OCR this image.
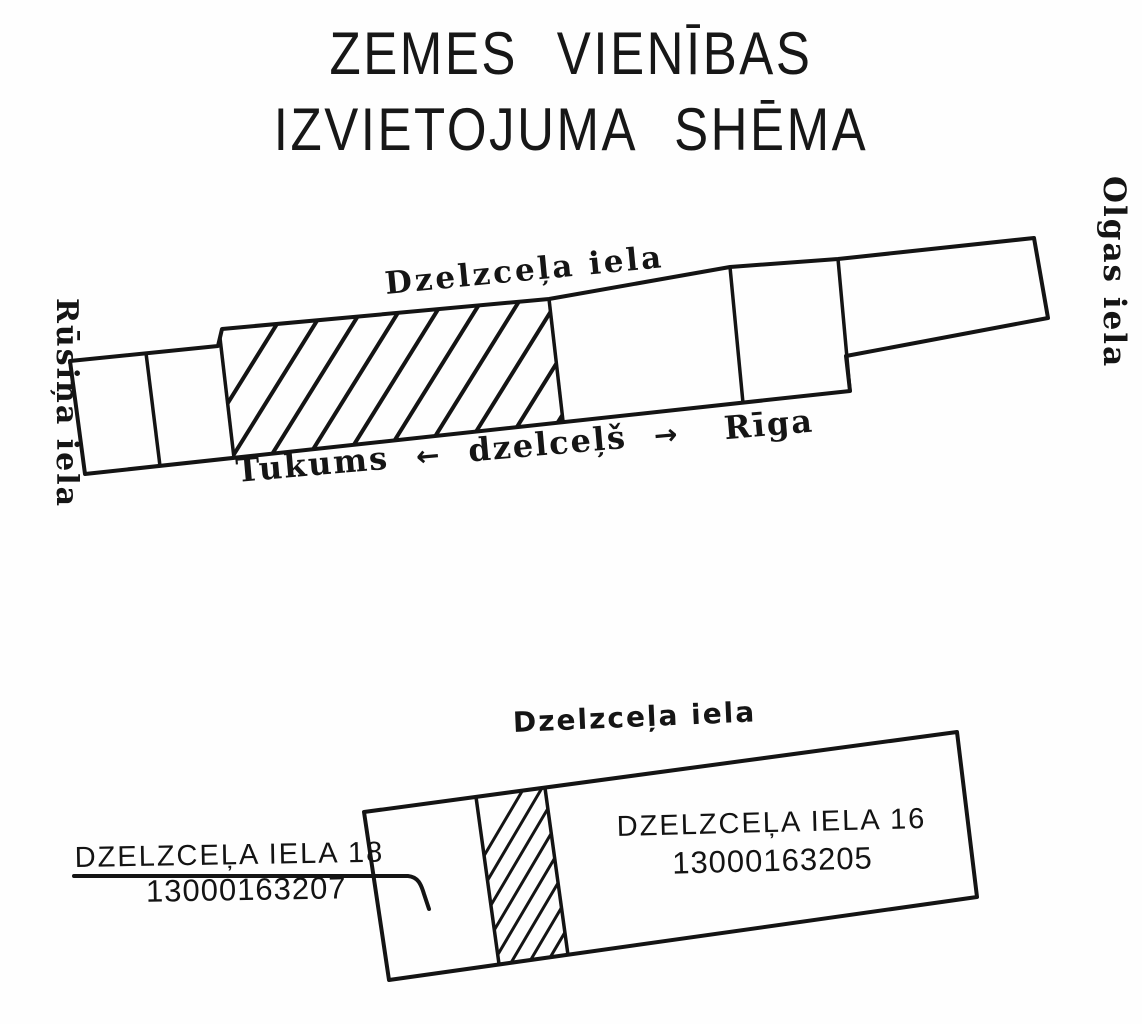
ZEMES VIENĪBAS
IZVIETOJUMA SHĒMA
Dzelzceļa iela
Rūsiņa iela
Olgas iela
Tukums ← dzelceļš → Rīga
Dzelzceļa iela
DZELZCEĻA IELA 16
13000163205
DZELZCEĻA IELA 18
13000163207
